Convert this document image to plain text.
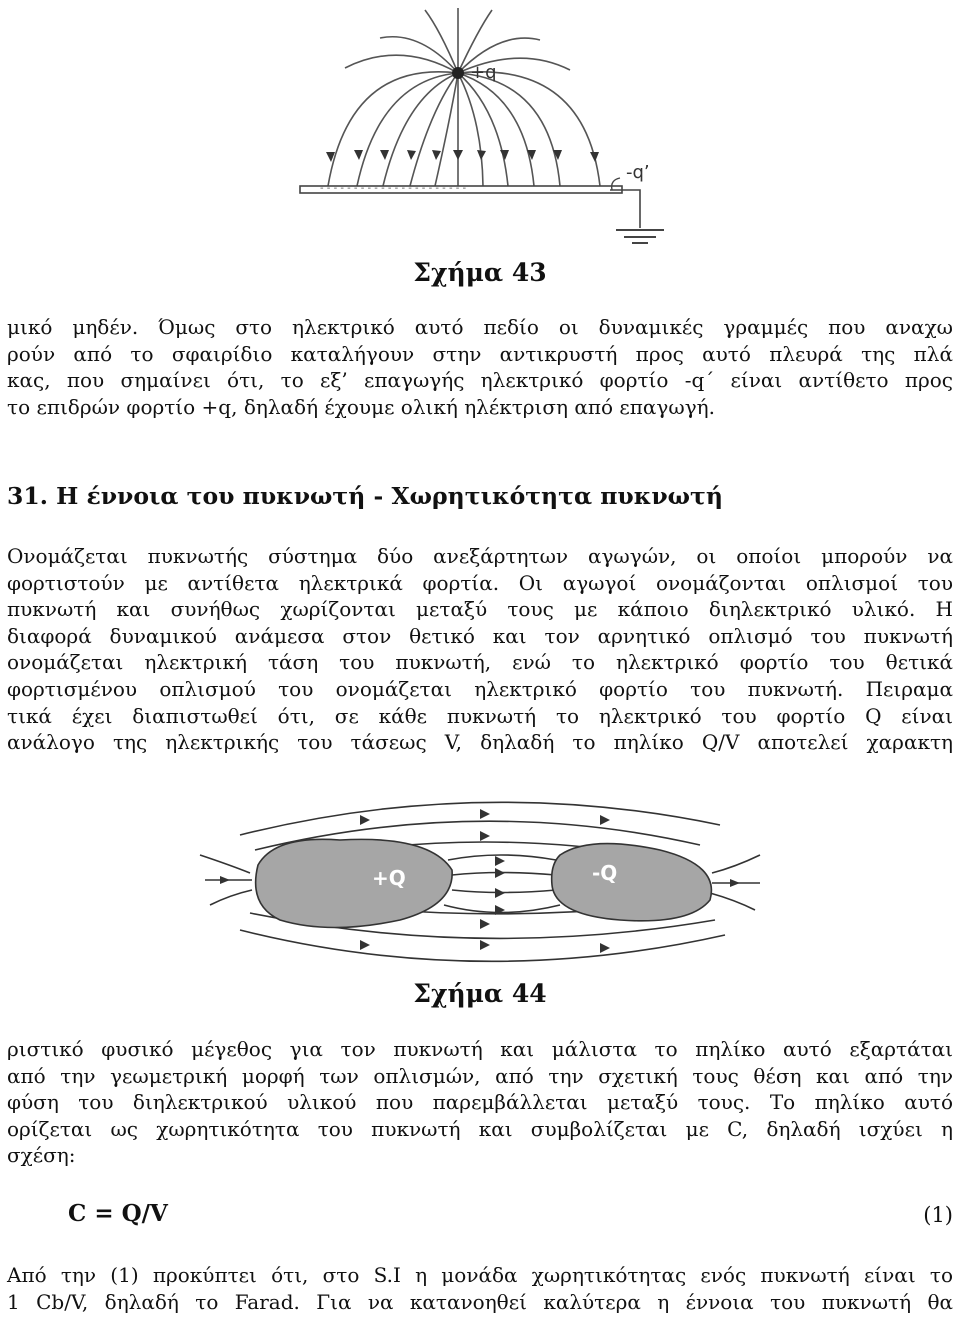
- - - - - - - - - - - - - - - - - - - - - -
+q
-q’
Σχήμα 43
μικό μηδέν. Όμως στο ηλεκτρικό αυτό πεδίο οι δυναμικές γραμμές που αναχω
ρούν από το σφαιρίδιο καταλήγουν στην αντικρυστή προς αυτό πλευρά της πλά
κας, που σημαίνει ότι, το εξ’ επαγωγής ηλεκτρικό φορτίο -q΄ είναι αντίθετο προς
το επιδρών φορτίο +q, δηλαδή έχουμε ολική ηλέκτριση από επαγωγή.
31. Η έννοια του πυκνωτή - Χωρητικότητα πυκνωτή
Ονομάζεται πυκνωτής σύστημα δύο ανεξάρτητων αγωγών, οι οποίοι μπορούν να
φορτιστούν με αντίθετα ηλεκτρικά φορτία. Οι αγωγοί ονομάζονται οπλισμοί του
πυκνωτή και συνήθως χωρίζονται μεταξύ τους με κάποιο διηλεκτρικό υλικό. Η
διαφορά δυναμικού ανάμεσα στον θετικό και τον αρνητικό οπλισμό του πυκνωτή
ονομάζεται ηλεκτρική τάση του πυκνωτή, ενώ το ηλεκτρικό φορτίο του θετικά
φορτισμένου οπλισμού του ονομάζεται ηλεκτρικό φορτίο του πυκνωτή. Πειραμα
τικά έχει διαπιστωθεί ότι, σε κάθε πυκνωτή το ηλεκτρικό του φορτίο Q είναι
ανάλογο της ηλεκτρικής του τάσεως V, δηλαδή το πηλίκο Q/V αποτελεί χαρακτη
+Q	-Q
Σχήμα 44
ριστικό φυσικό μέγεθος για τον πυκνωτή και μάλιστα το πηλίκο αυτό εξαρτάται
από την γεωμετρική μορφή των οπλισμών, από την σχετική τους θέση και από την
φύση του διηλεκτρικού υλικού που παρεμβάλλεται μεταξύ τους. Το πηλίκο αυτό
ορίζεται ως χωρητικότητα του πυκνωτή και συμβολίζεται με C, δηλαδή ισχύει η
σχέση:
C = Q/V	(1)
Από την (1) προκύπτει ότι, στο S.I η μονάδα χωρητικότητας ενός πυκνωτή είναι το
1 Cb/V, δηλαδή το Farad. Για να κατανοηθεί καλύτερα η έννοια του πυκνωτή θα
